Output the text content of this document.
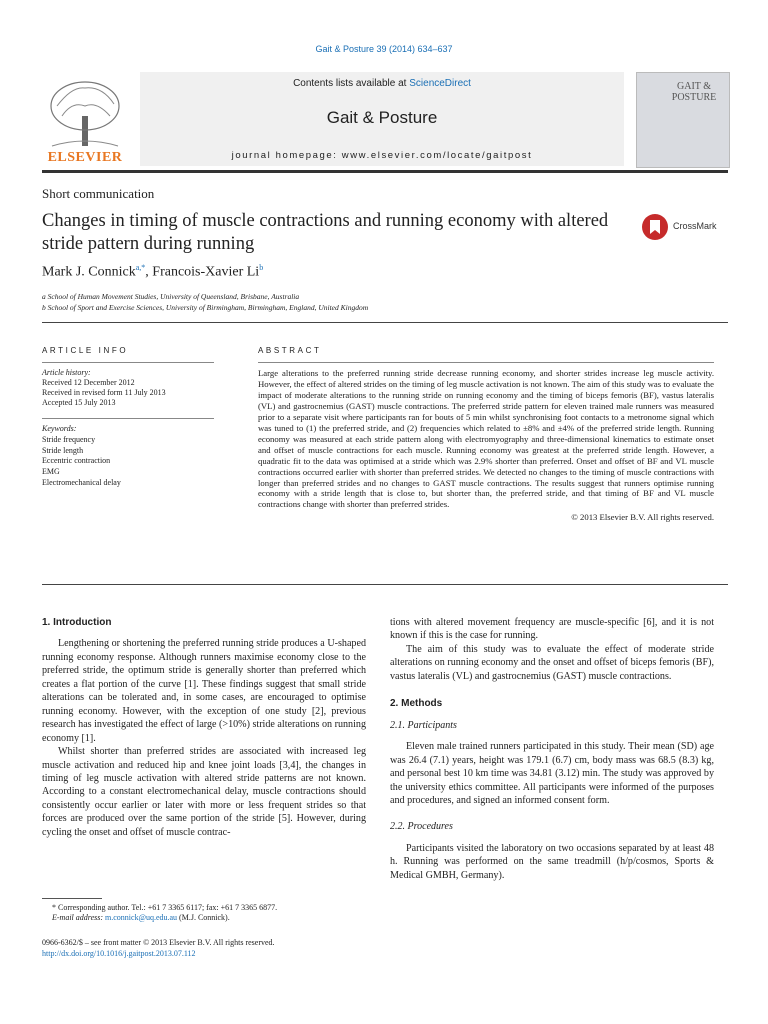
Gait & Posture 39 (2014) 634–637
ELSEVIER
Contents lists available at ScienceDirect
Gait & Posture
journal homepage: www.elsevier.com/locate/gaitpost
GAIT & POSTURE
Short communication
Changes in timing of muscle contractions and running economy with altered stride pattern during running
CrossMark
Mark J. Connick$^{a,*}$, Francois-Xavier Li$^b$
a School of Human Movement Studies, University of Queensland, Brisbane, Australia
b School of Sport and Exercise Sciences, University of Birmingham, Birmingham, England, United Kingdom
ARTICLE INFO	ABSTRACT
Article history:
Received 12 December 2012
Received in revised form 11 July 2013
Accepted 15 July 2013
Keywords:
Stride frequency
Stride length
Eccentric contraction
EMG
Electromechanical delay
Large alterations to the preferred running stride decrease running economy, and shorter strides increase leg muscle activity. However, the effect of altered strides on the timing of leg muscle activation is not known. The aim of this study was to evaluate the impact of moderate alterations to the running stride on running economy and the timing of biceps femoris (BF), vastus lateralis (VL) and gastrocnemius (GAST) muscle contractions. The preferred stride pattern for eleven trained male runners was measured prior to a separate visit where participants ran for bouts of 5 min whilst synchronising foot contacts to a metronome signal which was tuned to (1) the preferred stride, and (2) frequencies which related to ±8% and ±4% of the preferred stride length. Running economy was measured at each stride pattern along with electromyography and three-dimensional kinematics to estimate onset and offset of muscle contractions for each muscle. Running economy was greatest at the preferred stride length. However, a quadratic fit to the data was optimised at a stride which was 2.9% shorter than preferred. Onset and offset of BF and VL muscle contractions occurred earlier with shorter than preferred strides. We detected no changes to the timing of muscle contractions with longer than preferred strides and no changes to GAST muscle contractions. The results suggest that runners optimise running economy with a stride length that is close to, but shorter than, the preferred stride, and that timing of BF and VL muscle contractions change with shorter than preferred strides.
© 2013 Elsevier B.V. All rights reserved.
1. Introduction

Lengthening or shortening the preferred running stride produces a U-shaped running economy response. Although runners maximise economy close to the preferred stride, the optimum stride is generally shorter than preferred which creates a flat portion of the curve [1]. These findings suggest that small stride alterations can be tolerated and, in some cases, are encouraged to optimise running economy. However, with the exception of one study [2], previous research has investigated the effect of large (>10%) stride alterations on running economy [1].

Whilst shorter than preferred strides are associated with increased leg muscle activation and reduced hip and knee joint loads [3,4], the changes in timing of leg muscle activation with altered stride patterns are not known. According to a constant electromechanical delay, muscle contractions should consistently occur earlier or later with more or less frequent strides so that forces are produced over the same portion of the stride [5]. However, during cycling the onset and offset of muscle contrac-

tions with altered movement frequency are muscle-specific [6], and it is not known if this is the case for running.

The aim of this study was to evaluate the effect of moderate stride alterations on running economy and the onset and offset of biceps femoris (BF), vastus lateralis (VL) and gastrocnemius (GAST) muscle contractions.

2. Methods
2.1. Participants

Eleven male trained runners participated in this study. Their mean (SD) age was 26.4 (7.1) years, height was 179.1 (6.7) cm, body mass was 68.5 (8.3) kg, and personal best 10 km time was 34.81 (3.12) min. The study was approved by the university ethics committee. All participants were informed of the purposes and procedures, and signed an informed consent form.

2.2. Procedures

Participants visited the laboratory on two occasions separated by at least 48 h. Running was performed on the same treadmill (h/p/cosmos, Sports & Medical GMBH, Germany).

* Corresponding author. Tel.: +61 7 3365 6117; fax: +61 7 3365 6877.
E-mail address: m.connick@uq.edu.au (M.J. Connick).
0966-6362/$ – see front matter © 2013 Elsevier B.V. All rights reserved.
http://dx.doi.org/10.1016/j.gaitpost.2013.07.112
